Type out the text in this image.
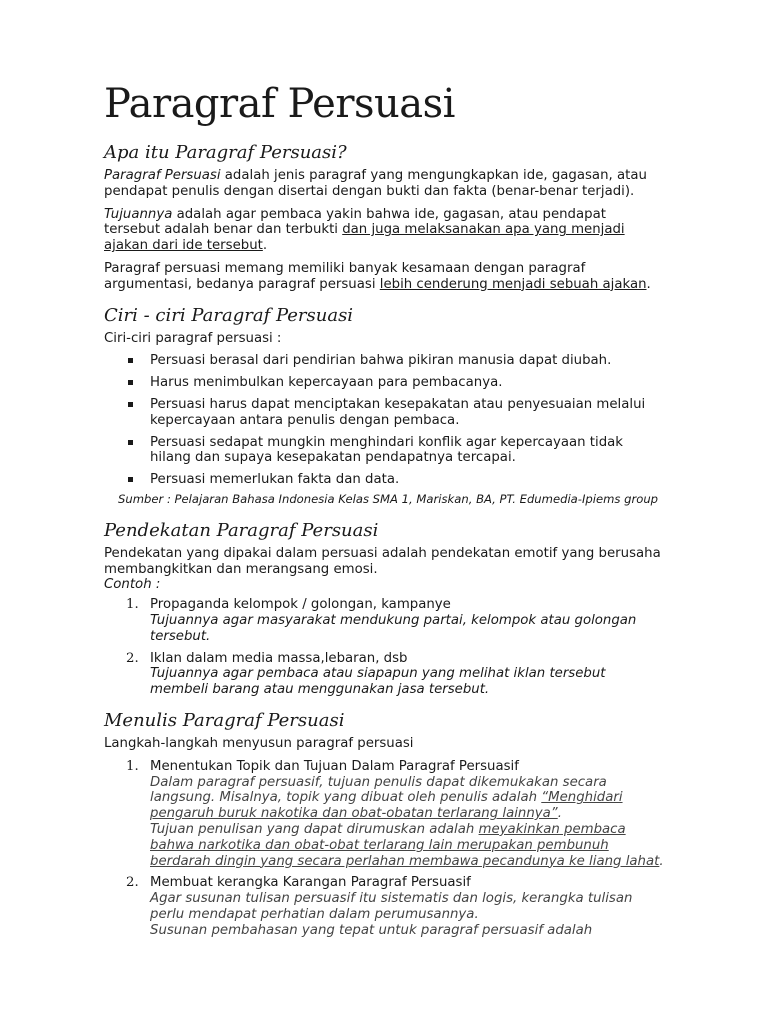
Paragraf Persuasi
Apa itu Paragraf Persuasi?

Paragraf Persuasi adalah jenis paragraf yang mengungkapkan ide, gagasan, atau pendapat penulis dengan disertai dengan bukti dan fakta (benar-benar terjadi).

Tujuannya adalah agar pembaca yakin bahwa ide, gagasan, atau pendapat tersebut adalah benar dan terbukti dan juga melaksanakan apa yang menjadi ajakan dari ide tersebut.

Paragraf persuasi memang memiliki banyak kesamaan dengan paragraf argumentasi, bedanya paragraf persuasi lebih cenderung menjadi sebuah ajakan.

Ciri - ciri Paragraf Persuasi

Ciri-ciri paragraf persuasi :

Persuasi berasal dari pendirian bahwa pikiran manusia dapat diubah.
Harus menimbulkan kepercayaan para pembacanya.
Persuasi harus dapat menciptakan kesepakatan atau penyesuaian melalui kepercayaan antara penulis dengan pembaca.
Persuasi sedapat mungkin menghindari konflik agar kepercayaan tidak hilang dan supaya kesepakatan pendapatnya tercapai.
Persuasi memerlukan fakta dan data.

Sumber : Pelajaran Bahasa Indonesia Kelas SMA 1, Mariskan, BA, PT. Edumedia-Ipiems group

Pendekatan Paragraf Persuasi

Pendekatan yang dipakai dalam persuasi adalah pendekatan emotif yang berusaha membangkitkan dan merangsang emosi.

Contoh :
1. Propaganda kelompok / golongan, kampanye
Tujuannya agar masyarakat mendukung partai, kelompok atau golongan tersebut.
2. Iklan dalam media massa,lebaran, dsb
Tujuannya agar pembaca atau siapapun yang melihat iklan tersebut membeli barang atau menggunakan jasa tersebut.
Menulis Paragraf Persuasi

Langkah-langkah menyusun paragraf persuasi

1. Menentukan Topik dan Tujuan Dalam Paragraf Persuasif
Dalam paragraf persuasif, tujuan penulis dapat dikemukakan secara langsung. Misalnya, topik yang dibuat oleh penulis adalah “Menghidari pengaruh buruk nakotika dan obat-obatan terlarang lainnya”.
Tujuan penulisan yang dapat dirumuskan adalah meyakinkan pembaca bahwa narkotika dan obat-obat terlarang lain merupakan pembunuh berdarah dingin yang secara perlahan membawa pecandunya ke liang lahat.
2. Membuat kerangka Karangan Paragraf Persuasif
Agar susunan tulisan persuasif itu sistematis dan logis, kerangka tulisan perlu mendapat perhatian dalam perumusannya.
Susunan pembahasan yang tepat untuk paragraf persuasif adalah
